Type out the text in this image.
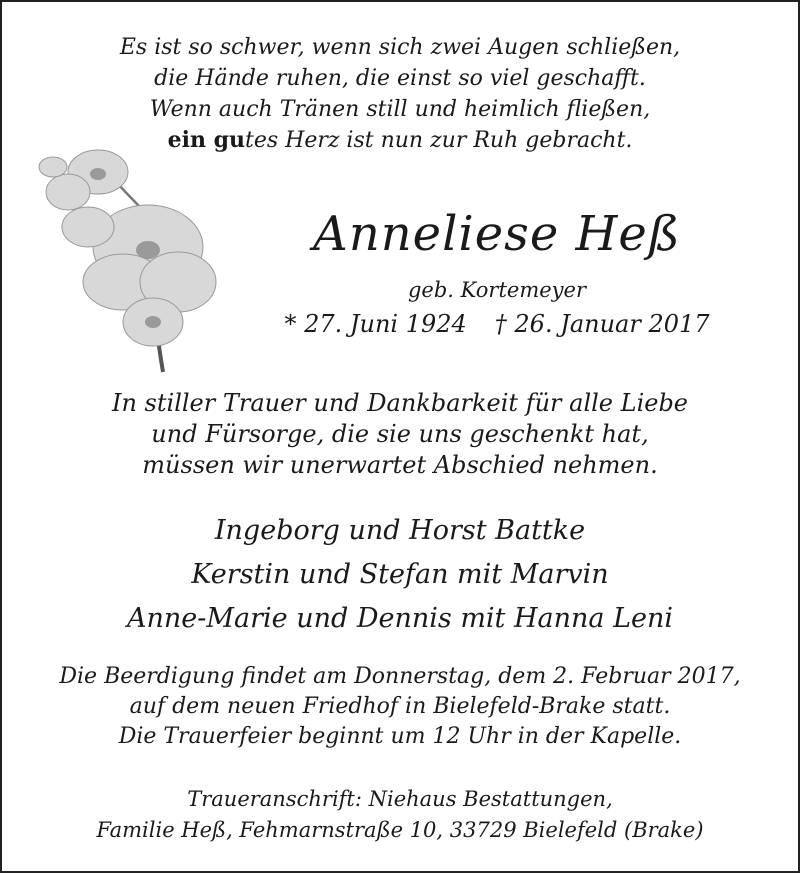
Es ist so schwer, wenn sich zwei Augen schließen,
die Hände ruhen, die einst so viel geschafft.
Wenn auch Tränen still und heimlich fließen,
ein gutes Herz ist nun zur Ruh gebracht.
Anneliese Heß
geb. Kortemeyer
* 27. Juni 1924 † 26. Januar 2017
In stiller Trauer und Dankbarkeit für alle Liebe
und Fürsorge, die sie uns geschenkt hat,
müssen wir unerwartet Abschied nehmen.
Ingeborg und Horst Battke
Kerstin und Stefan mit Marvin
Anne-Marie und Dennis mit Hanna Leni
Die Beerdigung findet am Donnerstag, dem 2. Februar 2017,
auf dem neuen Friedhof in Bielefeld-Brake statt.
Die Trauerfeier beginnt um 12 Uhr in der Kapelle.
Traueranschrift: Niehaus Bestattungen,
Familie Heß, Fehmarnstraße 10, 33729 Bielefeld (Brake)
